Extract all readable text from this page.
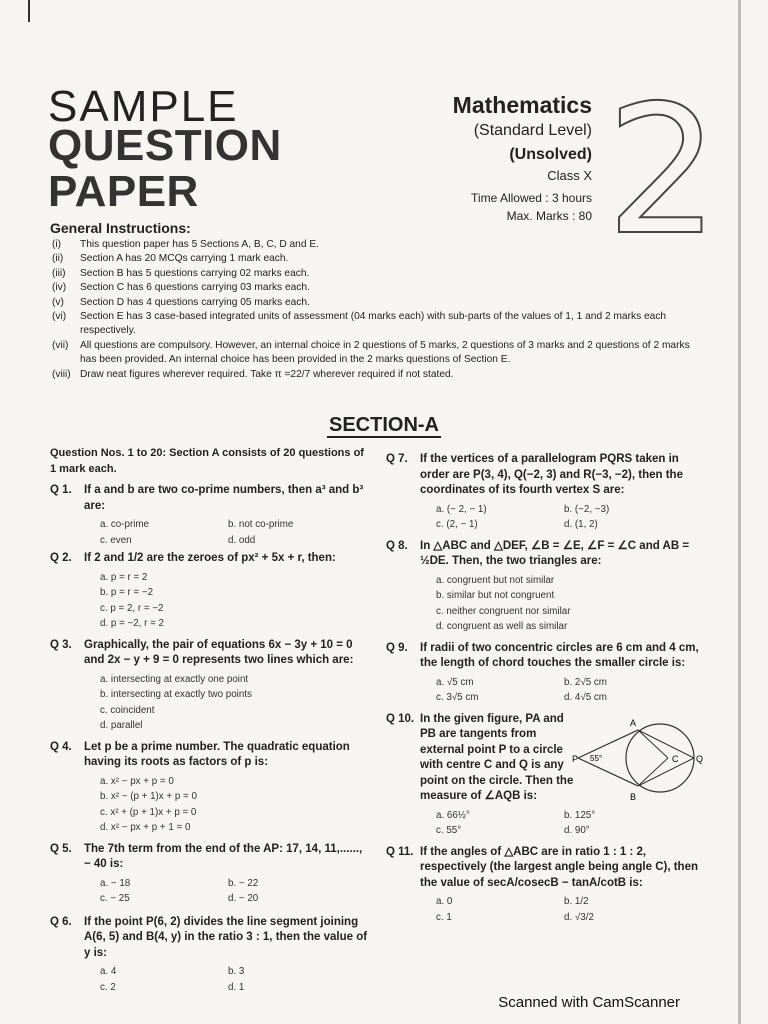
SAMPLE
QUESTION
PAPER
Mathematics
(Standard Level)
(Unsolved)
Class X
Time Allowed : 3 hours
Max. Marks : 80 2
General Instructions:
(i)	This question paper has 5 Sections A, B, C, D and E.
(ii)	Section A has 20 MCQs carrying 1 mark each.
(iii)	Section B has 5 questions carrying 02 marks each.
(iv)	Section C has 6 questions carrying 03 marks each.
(v)	Section D has 4 questions carrying 05 marks each.
(vi)	Section E has 3 case-based integrated units of assessment (04 marks each) with sub-parts of the values of 1, 1 and 2 marks each respectively.
(vii)	All questions are compulsory. However, an internal choice in 2 questions of 5 marks, 2 questions of 3 marks and 2 questions of 2 marks has been provided. An internal choice has been provided in the 2 marks questions of Section E.
(viii) Draw neat figures wherever required. Take π =22/7 wherever required if not stated.
SECTION-A
Question Nos. 1 to 20: Section A consists of 20 questions of 1 mark each.
Q 1.	If a and b are two co-prime numbers, then a³ and b³ are:
a. co-prime	b. not co-prime
c. even	d. odd
Q 2.	If 2 and 1/2 are the zeroes of px² + 5x + r, then:
a. p = r = 2
b. p = r = −2
c. p = 2, r = −2
d. p = −2, r = 2
Q 3.	Graphically, the pair of equations 6x − 3y + 10 = 0 and 2x − y + 9 = 0 represents two lines which are:
a. intersecting at exactly one point
b. intersecting at exactly two points
c. coincident
d. parallel
Q 4.	Let p be a prime number. The quadratic equation having its roots as factors of p is:
a. x² − px + p = 0
b. x² − (p + 1)x + p = 0
c. x² + (p + 1)x + p = 0
d. x² − px + p + 1 = 0
Q 5.	The 7th term from the end of the AP: 17, 14, 11,......, − 40 is:
a. − 18	b. − 22
c. − 25	d. − 20
Q 6.	If the point P(6, 2) divides the line segment joining A(6, 5) and B(4, y) in the ratio 3 : 1, then the value of y is:
a. 4	b. 3
c. 2	d. 1
Q 7.	If the vertices of a parallelogram PQRS taken in order are P(3, 4), Q(−2, 3) and R(−3, −2), then the coordinates of its fourth vertex S are:
a. (− 2, − 1)	b. (−2, −3)
c. (2, − 1)	d. (1, 2)
Q 8.	In △ABC and △DEF, ∠B = ∠E, ∠F = ∠C and AB = ½DE. Then, the two triangles are:
a. congruent but not similar
b. similar but not congruent
c. neither congruent nor similar
d. congruent as well as similar
Q 9.	If radii of two concentric circles are 6 cm and 4 cm, the length of chord touches the smaller circle is:
a. √5 cm	b. 2√5 cm
c. 3√5 cm	d. 4√5 cm
Q 10. In the given figure, PA and PB are tangents from external point P to a circle with centre C and Q is any point on the circle. Then the measure of ∠AQB is:
a. 66½°	b. 125°
c. 55°	d. 90°
Q 11. If the angles of △ABC are in ratio 1 : 1 : 2, respectively (the largest angle being angle C), then the value of secA/cosecB − tanA/cotB is:
a. 0	b. 1/2
c. 1	d. √3/2
A
B
P	C Q
55°
Scanned with CamScanner
